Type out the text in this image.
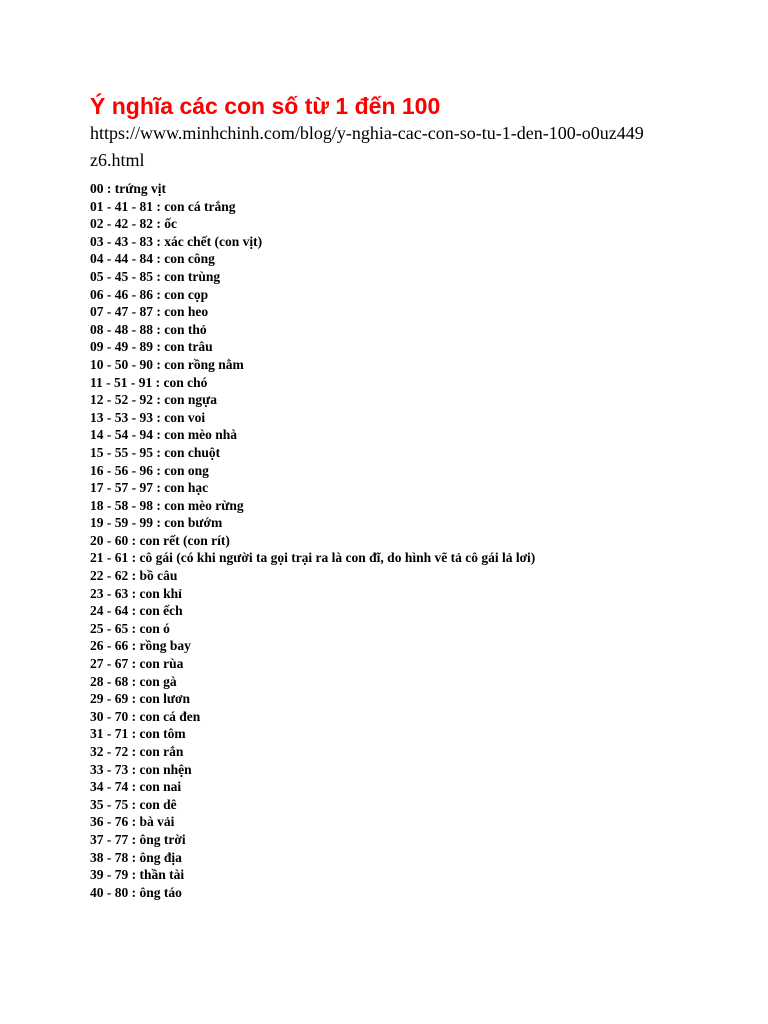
Ý nghĩa các con số từ 1 đến 100

https://www.minhchinh.com/blog/y-nghia-cac-con-so-tu-1-den-100-o0uz449z6.html

00 : trứng vịt
01 - 41 - 81 : con cá trắng
02 - 42 - 82 : ốc
03 - 43 - 83 : xác chết (con vịt)
04 - 44 - 84 : con công
05 - 45 - 85 : con trùng
06 - 46 - 86 : con cọp
07 - 47 - 87 : con heo
08 - 48 - 88 : con thỏ
09 - 49 - 89 : con trâu
10 - 50 - 90 : con rồng nằm
11 - 51 - 91 : con chó
12 - 52 - 92 : con ngựa
13 - 53 - 93 : con voi
14 - 54 - 94 : con mèo nhà
15 - 55 - 95 : con chuột
16 - 56 - 96 : con ong
17 - 57 - 97 : con hạc
18 - 58 - 98 : con mèo rừng
19 - 59 - 99 : con bướm
20 - 60 : con rết (con rít)
21 - 61 : cô gái (có khi người ta gọi trại ra là con đĩ, do hình vẽ tả cô gái lả lơi)
22 - 62 : bồ câu
23 - 63 : con khỉ
24 - 64 : con ếch
25 - 65 : con ó
26 - 66 : rồng bay
27 - 67 : con rùa
28 - 68 : con gà
29 - 69 : con lươn
30 - 70 : con cá đen
31 - 71 : con tôm
32 - 72 : con rắn
33 - 73 : con nhện
34 - 74 : con nai
35 - 75 : con dê
36 - 76 : bà vải
37 - 77 : ông trời
38 - 78 : ông địa
39 - 79 : thần tài
40 - 80 : ông táo
